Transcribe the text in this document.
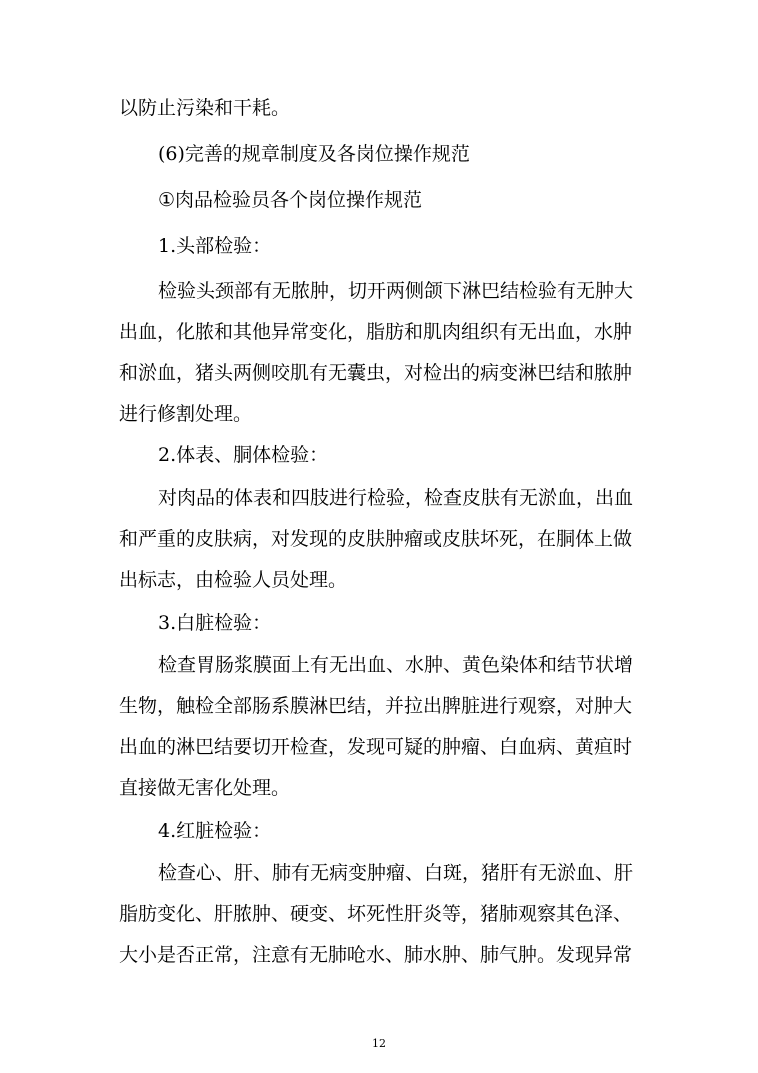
以防止污染和干耗。
(6)完善的规章制度及各岗位操作规范
①肉品检验员各个岗位操作规范
1.头部检验：
检验头颈部有无脓肿，切开两侧颌下淋巴结检验有无肿大
出血，化脓和其他异常变化，脂肪和肌肉组织有无出血，水肿
和淤血，猪头两侧咬肌有无囊虫，对检出的病变淋巴结和脓肿
进行修割处理。
2.体表、胴体检验：
对肉品的体表和四肢进行检验，检查皮肤有无淤血，出血
和严重的皮肤病，对发现的皮肤肿瘤或皮肤坏死，在胴体上做
出标志，由检验人员处理。
3.白脏检验：
检查胃肠浆膜面上有无出血、水肿、黄色染体和结节状增
生物，触检全部肠系膜淋巴结，并拉出脾脏进行观察，对肿大
出血的淋巴结要切开检查，发现可疑的肿瘤、白血病、黄疸时
直接做无害化处理。
4.红脏检验：
检查心、肝、肺有无病变肿瘤、白斑，猪肝有无淤血、肝
脂肪变化、肝脓肿、硬变、坏死性肝炎等，猪肺观察其色泽、
大小是否正常，注意有无肺呛水、肺水肿、肺气肿。发现异常
12
